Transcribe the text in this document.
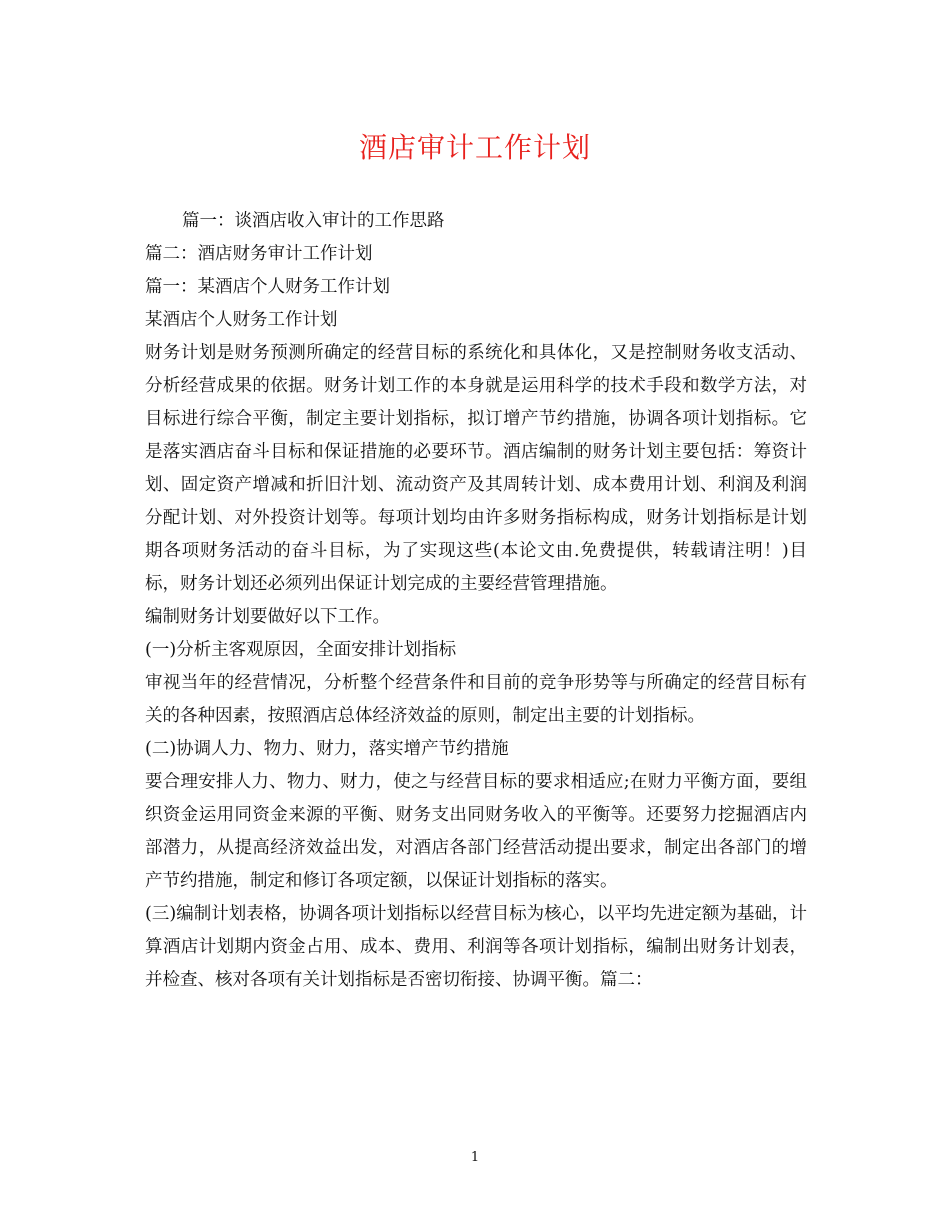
酒店审计工作计划

篇一：谈酒店收入审计的工作思路

篇二：酒店财务审计工作计划

篇一：某酒店个人财务工作计划

某酒店个人财务工作计划

财务计划是财务预测所确定的经营目标的系统化和具体化，又是控制财务收支活动、分析经营成果的依据。财务计划工作的本身就是运用科学的技术手段和数学方法，对目标进行综合平衡，制定主要计划指标，拟订增产节约措施，协调各项计划指标。它是落实酒店奋斗目标和保证措施的必要环节。酒店编制的财务计划主要包括：筹资计划、固定资产增减和折旧汁划、流动资产及其周转计划、成本费用计划、利润及利润分配计划、对外投资计划等。每项计划均由许多财务指标构成，财务计划指标是计划期各项财务活动的奋斗目标，为了实现这些(本论文由.免费提供，转载请注明！)目标，财务计划还必须列出保证计划完成的主要经营管理措施。

编制财务计划要做好以下工作。

(一)分析主客观原因，全面安排计划指标

审视当年的经营情况，分析整个经营条件和目前的竞争形势等与所确定的经营目标有关的各种因素，按照酒店总体经济效益的原则，制定出主要的计划指标。

(二)协调人力、物力、财力，落实增产节约措施

要合理安排人力、物力、财力，使之与经营目标的要求相适应;在财力平衡方面，要组织资金运用同资金来源的平衡、财务支出同财务收入的平衡等。还要努力挖掘酒店内部潜力，从提高经济效益出发，对酒店各部门经营活动提出要求，制定出各部门的增产节约措施，制定和修订各项定额，以保证计划指标的落实。

(三)编制计划表格，协调各项计划指标以经营目标为核心，以平均先进定额为基础，计算酒店计划期内资金占用、成本、费用、利润等各项计划指标，编制出财务计划表，并检查、核对各项有关计划指标是否密切衔接、协调平衡。篇二：

1
